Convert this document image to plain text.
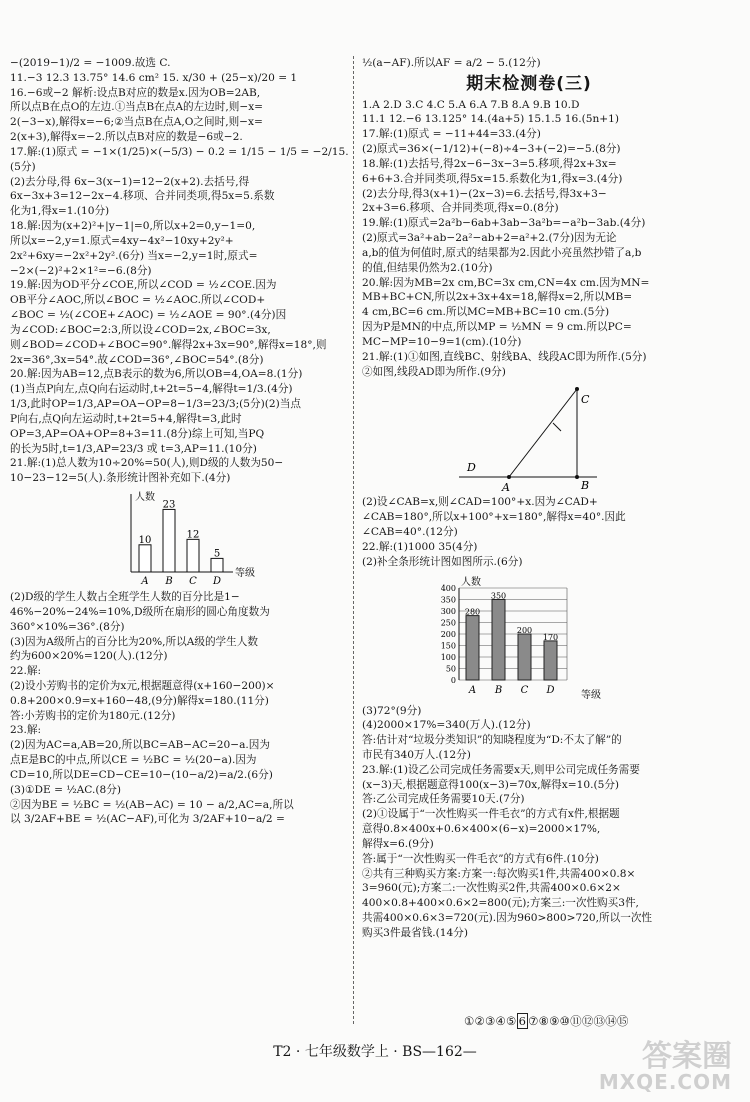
−(2019−1)/2 = −1009.故选 C.
11.−3 12.3 13.75° 14.6 cm² 15. x/30 + (25−x)/20 = 1
16.−6或−2 解析:设点B对应的数是x.因为OB=2AB,
所以点B在点O的左边.①当点B在点A的左边时,则−x=
2(−3−x),解得x=−6;②当点B在点A,O之间时,则−x=
2(x+3),解得x=−2.所以点B对应的数是−6或−2.
17.解:(1)原式 = −1×(1/25)×(−5/3) − 0.2 = 1/15 − 1/5 = −2/15.
(5分)
(2)去分母,得 6x−3(x−1)=12−2(x+2).去括号,得
6x−3x+3=12−2x−4.移项、合并同类项,得5x=5.系数
化为1,得x=1.(10分)
18.解:因为(x+2)²+|y−1|=0,所以x+2=0,y−1=0,
所以x=−2,y=1.原式=4xy−4x²−10xy+2y²+
2x²+6xy=−2x²+2y².(6分) 当x=−2,y=1时,原式=
−2×(−2)²+2×1²=−6.(8分)
19.解:因为OD平分∠COE,所以∠COD = ½∠COE.因为
OB平分∠AOC,所以∠BOC = ½∠AOC.所以∠COD+
∠BOC = ½(∠COE+∠AOC) = ½∠AOE = 90°.(4分)因
为∠COD:∠BOC=2:3,所以设∠COD=2x,∠BOC=3x,
则∠BOD=∠COD+∠BOC=90°.解得2x+3x=90°,解得x=18°,则
2x=36°,3x=54°.故∠COD=36°,∠BOC=54°.(8分)
20.解:因为AB=12,点B表示的数为6,所以OB=4,OA=8.(1分)
(1)当点P向左,点Q向右运动时,t+2t=5−4,解得t=1/3.(4分)
1/3,此时OP=1/3,AP=OA−OP=8−1/3=23/3;(5分)(2)当点
P向右,点Q向左运动时,t+2t=5+4,解得t=3,此时
OP=3,AP=OA+OP=8+3=11.(8分)综上可知,当PQ
的长为5时,t=1/3,AP=23/3 或 t=3,AP=11.(10分)
21.解:(1)总人数为10÷20%=50(人),则D级的人数为50−
10−23−12=5(人).条形统计图补充如下.(4分)
人数
等级
10
A
23
B
12
C
5
D
(2)D级的学生人数占全班学生人数的百分比是1−
46%−20%−24%=10%,D级所在扇形的圆心角度数为
360°×10%=36°.(8分)
(3)因为A级所占的百分比为20%,所以A级的学生人数
约为600×20%=120(人).(12分)
22.解:
(2)设小芳购书的定价为x元,根据题意得(x+160−200)×
0.8+200×0.9=x+160−48,(9分)解得x=180.(11分)
答:小芳购书的定价为180元.(12分)
23.解:
(2)因为AC=a,AB=20,所以BC=AB−AC=20−a.因为
点E是BC的中点,所以CE = ½BC = ½(20−a).因为
CD=10,所以DE=CD−CE=10−(10−a/2)=a/2.(6分)
(3)①DE = ½AC.(8分)
②因为BE = ½BC = ½(AB−AC) = 10 − a/2,AC=a,所以
以 3/2AF+BE = ½(AC−AF),可化为 3/2AF+10−a/2 =
½(a−AF).所以AF = a/2 − 5.(12分)
期末检测卷(三)
1.A 2.D 3.C 4.C 5.A 6.A 7.B 8.A 9.B 10.D
11.1 12.−6 13.125° 14.(4a+5) 15.1.5 16.(5n+1)
17.解:(1)原式 = −11+44=33.(4分)
(2)原式=36×(−1/12)+(−8)÷4−3+(−2)=−5.(8分)
18.解:(1)去括号,得2x−6−3x−3=5.移项,得2x+3x=
6+6+3.合并同类项,得5x=15.系数化为1,得x=3.(4分)
(2)去分母,得3(x+1)−(2x−3)=6.去括号,得3x+3−
2x+3=6.移项、合并同类项,得x=0.(8分)
19.解:(1)原式=2a²b−6ab+3ab−3a²b=−a²b−3ab.(4分)
(2)原式=3a²+ab−2a²−ab+2=a²+2.(7分)因为无论
a,b的值为何值时,原式的结果都为2.因此小亮虽然抄错了a,b
的值,但结果仍然为2.(10分)
20.解:因为MB=2x cm,BC=3x cm,CN=4x cm.因为MN=
MB+BC+CN,所以2x+3x+4x=18,解得x=2,所以MB=
4 cm,BC=6 cm.所以MC=MB+BC=10 cm.(5分)
因为P是MN的中点,所以MP = ½MN = 9 cm.所以PC=
MC−MP=10−9=1(cm).(10分)
21.解:(1)①如图,直线BC、射线BA、线段AC即为所作.(5分)
②如图,线段AD即为所作.(9分)
C
D
A	B
(2)设∠CAB=x,则∠CAD=100°+x.因为∠CAD+
∠CAB=180°,所以x+100°+x=180°,解得x=40°.因此
∠CAB=40°.(12分)
22.解:(1)1000 35(4分)
(2)补全条形统计图如图所示.(6分)
0
50
100
150
200
250
300
350
400
人数
等级
280
A
350
B
200
C
170
D
(3)72°(9分)
(4)2000×17%=340(万人).(12分)
答:估计对“垃圾分类知识”的知晓程度为“D:不太了解”的
市民有340万人.(12分)
23.解:(1)设乙公司完成任务需要x天,则甲公司完成任务需要
(x−3)天,根据题意得100(x−3)=70x,解得x=10.(5分)
答:乙公司完成任务需要10天.(7分)
(2)①设属于“一次性购买一件毛衣”的方式有x件,根据题
意得0.8×400x+0.6×400×(6−x)=2000×17%,
解得x=6.(9分)
答:属于“一次性购买一件毛衣”的方式有6件.(10分)
②共有三种购买方案:方案一:每次购买1件,共需400×0.8×
3=960(元);方案二:一次性购买2件,共需400×0.6×2×
400×0.8+400×0.6×2=800(元);方案三:一次性购买3件,
共需400×0.6×3=720(元).因为960>800>720,所以一次性
购买3件最省钱.(14分)
①②③④⑤ 6 ⑦⑧⑨⑩⑪⑫⑬⑭⑮
T2 · 七年级数学上 · BS—162—	答案圈
MXQE.COM
